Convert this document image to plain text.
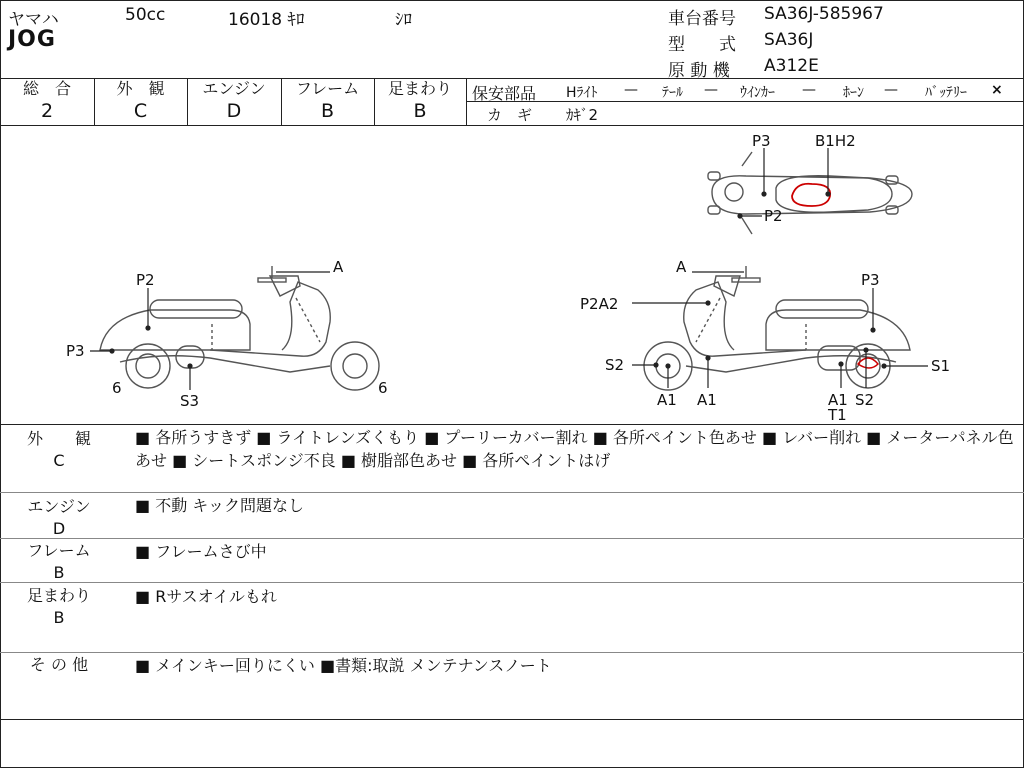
ヤマハ	50cc	16018 ｷﾛ	ｼﾛ
JOG
車台番号 SA36J-585967
型　　式 SA36J
原 動 機 A312E
総　合
2
外　観
C
エンジン
D
フレーム
B
足まわり
B
保安部品 Hﾗｲﾄ — ﾃｰﾙ — ｳｲﾝｶｰ — ﾎｰﾝ — ﾊﾞｯﾃﾘｰ ×
カ　ギ ｶｷﾞ2
A
P2
P3
6
S3
6
A
P3
P2A2
S2
A1 A1	A1
T1
S2
S1
P3	B1H2
P2
外　　観
C
■ 各所うすきず ■ ライトレンズくもり ■ プーリーカバー割れ ■ 各所ペイント色あせ ■ レバー削れ ■ メーターパネル色あせ ■ シートスポンジ不良 ■ 樹脂部色あせ ■ 各所ペイントはげ
エンジン
D
■ 不動 キック問題なし
フレーム
B
■ フレームさび中
足まわり
B
■ Rサスオイルもれ
そ の 他	■ メインキー回りにくい ■書類:取説 メンテナンスノート
